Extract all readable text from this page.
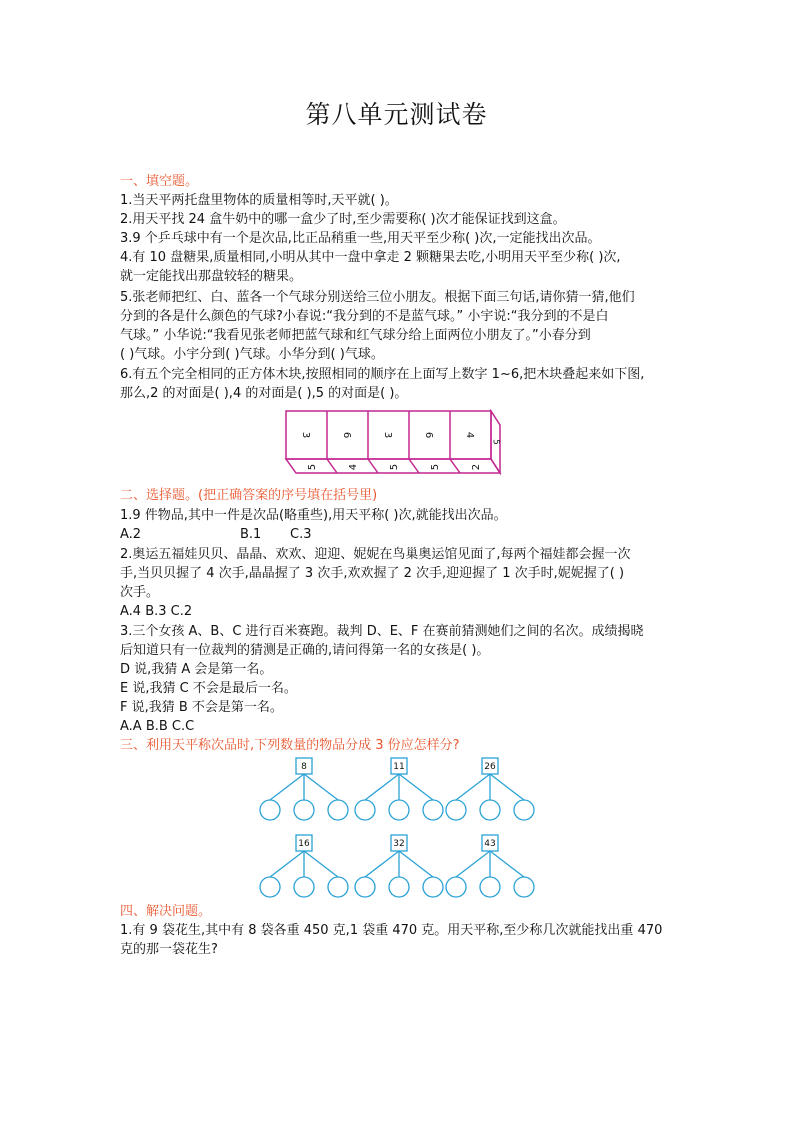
第八单元测试卷
一、填空题。
1.当天平两托盘里物体的质量相等时,天平就( )。
2.用天平找 24 盒牛奶中的哪一盒少了时,至少需要称( )次才能保证找到这盒。
3.9 个乒乓球中有一个是次品,比正品稍重一些,用天平至少称( )次,一定能找出次品。
4.有 10 盘糖果,质量相同,小明从其中一盘中拿走 2 颗糖果去吃,小明用天平至少称( )次,
就一定能找出那盘较轻的糖果。
5.张老师把红、白、蓝各一个气球分别送给三位小朋友。根据下面三句话,请你猜一猜,他们
分到的各是什么颜色的气球?小春说:“我分到的不是蓝气球。” 小宇说:“我分到的不是白
气球。” 小华说:“我看见张老师把蓝气球和红气球分给上面两位小朋友了。”小春分到
( )气球。小宇分到( )气球。小华分到( )气球。
6.有五个完全相同的正方体木块,按照相同的顺序在上面写上数字 1~6,把木块叠起来如下图,
那么,2 的对面是( ),4 的对面是( ),5 的对面是( )。
3	6	3	6	4
5	4	5	5	2
5
二、选择题。(把正确答案的序号填在括号里)
1.9 件物品,其中一件是次品(略重些),用天平称( )次,就能找出次品。
A.2	B.1 C.3
2.奥运五福娃贝贝、晶晶、欢欢、迎迎、妮妮在鸟巢奥运馆见面了,每两个福娃都会握一次
手,当贝贝握了 4 次手,晶晶握了 3 次手,欢欢握了 2 次手,迎迎握了 1 次手时,妮妮握了( )
次手。
A.4 B.3 C.2
3.三个女孩 A、B、C 进行百米赛跑。裁判 D、E、F 在赛前猜测她们之间的名次。成绩揭晓
后知道只有一位裁判的猜测是正确的,请问得第一名的女孩是( )。
D 说,我猜 A 会是第一名。
E 说,我猜 C 不会是最后一名。
F 说,我猜 B 不会是第一名。
A.A B.B C.C
三、利用天平称次品时,下列数量的物品分成 3 份应怎样分?
8	11	26
16	32	43
四、解决问题。
1.有 9 袋花生,其中有 8 袋各重 450 克,1 袋重 470 克。用天平称,至少称几次就能找出重 470
克的那一袋花生?
